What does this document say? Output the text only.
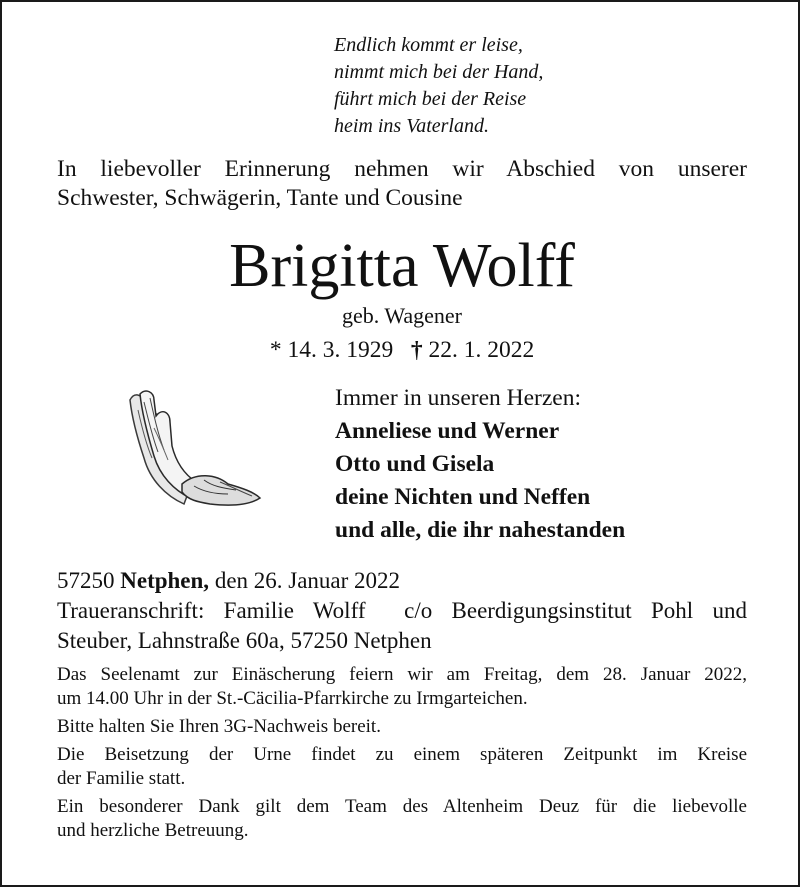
Endlich kommt er leise,
nimmt mich bei der Hand,
führt mich bei der Reise
heim ins Vaterland.
In liebevoller Erinnerung nehmen wir Abschied von unserer
Schwester, Schwägerin, Tante und Cousine
Brigitta Wolff
geb. Wagener
* 14. 3. 1929 † 22. 1. 2022
Immer in unseren Herzen:
Anneliese und Werner
Otto und Gisela
deine Nichten und Neffen
und alle, die ihr nahestanden
57250 Netphen, den 26. Januar 2022
Traueranschrift: Familie Wolff  c/o Beerdigungsinstitut Pohl und
Steuber, Lahnstraße 60a, 57250 Netphen

Das Seelenamt zur Einäscherung feiern wir am Freitag, dem 28. Januar 2022,
um 14.00 Uhr in der St.-Cäcilia-Pfarrkirche zu Irmgarteichen.

Bitte halten Sie Ihren 3G-Nachweis bereit.

Die Beisetzung der Urne findet zu einem späteren Zeitpunkt im Kreise
der Familie statt.

Ein besonderer Dank gilt dem Team des Altenheim Deuz für die liebevolle
und herzliche Betreuung.
